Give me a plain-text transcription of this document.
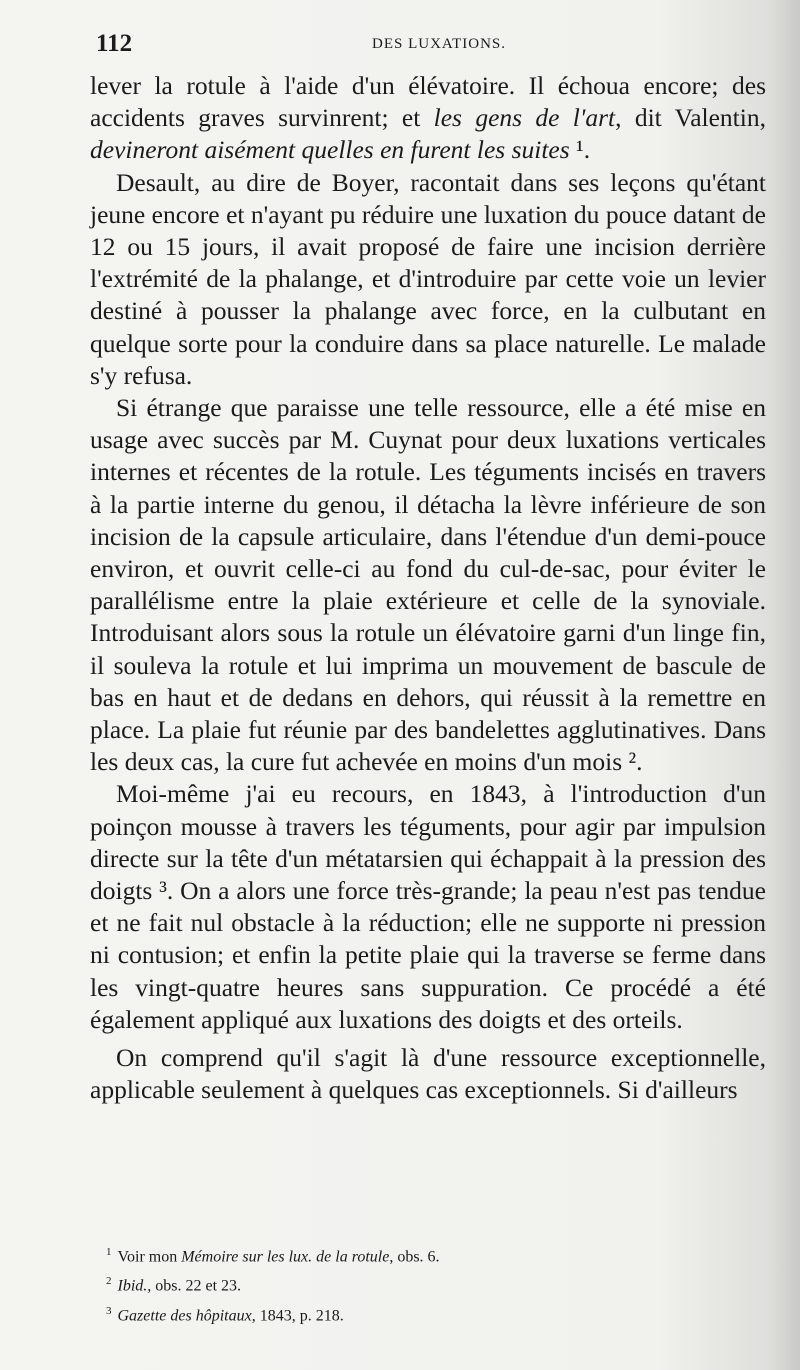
112	DES LUXATIONS.

lever la rotule à l'aide d'un élévatoire. Il échoua encore; des accidents graves survinrent; et les gens de l'art, dit Valentin, devineront aisément quelles en furent les suites ¹.

Desault, au dire de Boyer, racontait dans ses leçons qu'étant jeune encore et n'ayant pu réduire une luxation du pouce datant de 12 ou 15 jours, il avait proposé de faire une incision derrière l'extrémité de la phalange, et d'introduire par cette voie un levier destiné à pousser la phalange avec force, en la culbutant en quelque sorte pour la conduire dans sa place naturelle. Le malade s'y refusa.

Si étrange que paraisse une telle ressource, elle a été mise en usage avec succès par M. Cuynat pour deux luxations verticales internes et récentes de la rotule. Les téguments incisés en travers à la partie interne du genou, il détacha la lèvre inférieure de son incision de la capsule articulaire, dans l'étendue d'un demi-pouce environ, et ouvrit celle-ci au fond du cul-de-sac, pour éviter le parallélisme entre la plaie extérieure et celle de la synoviale. Introduisant alors sous la rotule un élévatoire garni d'un linge fin, il souleva la rotule et lui imprima un mouvement de bascule de bas en haut et de dedans en dehors, qui réussit à la remettre en place. La plaie fut réunie par des bandelettes agglutinatives. Dans les deux cas, la cure fut achevée en moins d'un mois ².

Moi-même j'ai eu recours, en 1843, à l'introduction d'un poinçon mousse à travers les téguments, pour agir par impulsion directe sur la tête d'un métatarsien qui échappait à la pression des doigts ³. On a alors une force très-grande; la peau n'est pas tendue et ne fait nul obstacle à la réduction; elle ne supporte ni pression ni contusion; et enfin la petite plaie qui la traverse se ferme dans les vingt-quatre heures sans suppuration. Ce procédé a été également appliqué aux luxations des doigts et des orteils.

On comprend qu'il s'agit là d'une ressource exceptionnelle, applicable seulement à quelques cas exceptionnels. Si d'ailleurs

$^1$ Voir mon Mémoire sur les lux. de la rotule, obs. 6.

$^2$ Ibid., obs. 22 et 23.

$^3$ Gazette des hôpitaux, 1843, p. 218.
